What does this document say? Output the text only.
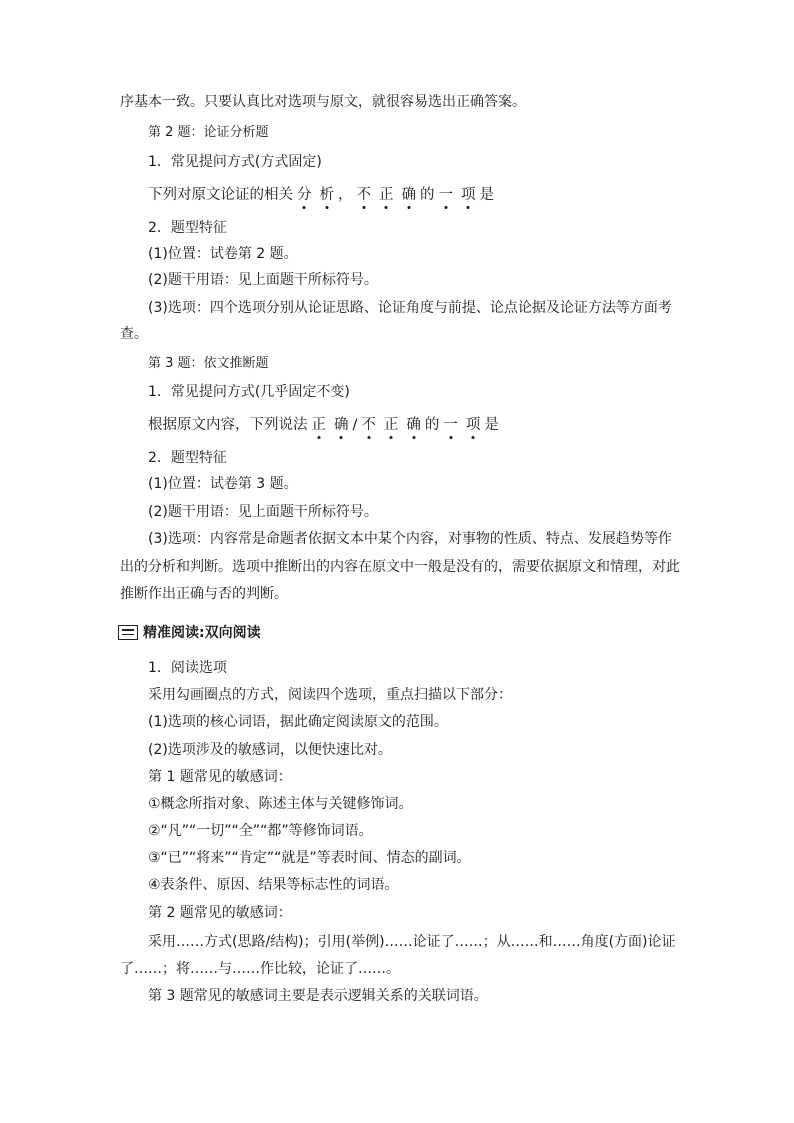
序基本一致。只要认真比对选项与原文，就很容易选出正确答案。
第 2 题：论证分析题
1．常见提问方式(方式固定)
下列对原文论证的相关 分 析 ， 不 正 确 的 一 项 是
2．题型特征
(1)位置：试卷第 2 题。
(2)题干用语：见上面题干所标符号。
(3)选项：四个选项分别从论证思路、论证角度与前提、论点论据及论证方法等方面考
查。
第 3 题：依文推断题
1．常见提问方式(几乎固定不变)
根据原文内容，下列说法 正 确 / 不 正 确 的 一 项 是
2．题型特征
(1)位置：试卷第 3 题。
(2)题干用语：见上面题干所标符号。
(3)选项：内容常是命题者依据文本中某个内容，对事物的性质、特点、发展趋势等作
出的分析和判断。选项中推断出的内容在原文中一般是没有的，需要依据原文和情理，对此
推断作出正确与否的判断。
精准阅读:双向阅读
1．阅读选项
采用勾画圈点的方式，阅读四个选项，重点扫描以下部分：
(1)选项的核心词语，据此确定阅读原文的范围。
(2)选项涉及的敏感词，以便快速比对。
第 1 题常见的敏感词：
①概念所指对象、陈述主体与关键修饰词。
②“凡”“一切”“全”“都”等修饰词语。
③“已”“将来”“肯定”“就是”等表时间、情态的副词。
④表条件、原因、结果等标志性的词语。
第 2 题常见的敏感词：
采用……方式(思路/结构)；引用(举例)……论证了……；从……和……角度(方面)论证
了……；将……与……作比较，论证了……。
第 3 题常见的敏感词主要是表示逻辑关系的关联词语。
